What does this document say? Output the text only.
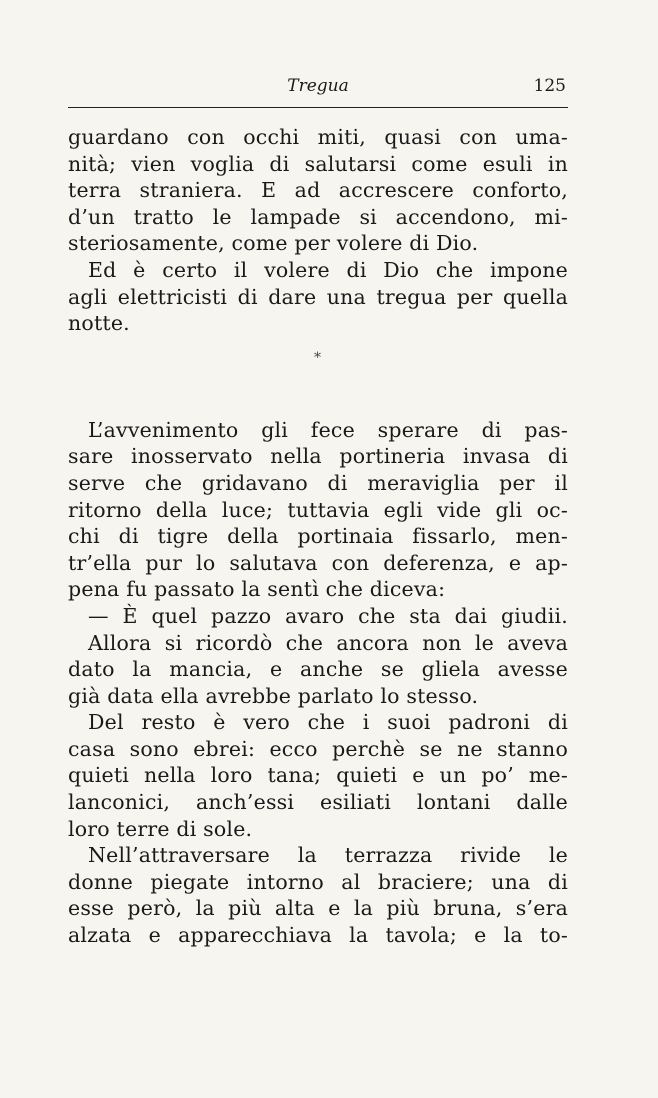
Tregua	125
guardano con occhi miti, quasi con uma-
nità; vien voglia di salutarsi come esuli in
terra straniera. E ad accrescere conforto,
d’un tratto le lampade si accendono, mi-
steriosamente, come per volere di Dio.
Ed è certo il volere di Dio che impone
agli elettricisti di dare una tregua per quella
notte.
*
L’avvenimento gli fece sperare di pas-
sare inosservato nella portineria invasa di
serve che gridavano di meraviglia per il
ritorno della luce; tuttavia egli vide gli oc-
chi di tigre della portinaia fissarlo, men-
tr’ella pur lo salutava con deferenza, e ap-
pena fu passato la sentì che diceva:
— È quel pazzo avaro che sta dai giudii.
Allora si ricordò che ancora non le aveva
dato la mancia, e anche se gliela avesse
già data ella avrebbe parlato lo stesso.
Del resto è vero che i suoi padroni di
casa sono ebrei: ecco perchè se ne stanno
quieti nella loro tana; quieti e un po’ me-
lanconici, anch’essi esiliati lontani dalle
loro terre di sole.
Nell’attraversare la terrazza rivide le
donne piegate intorno al braciere; una di
esse però, la più alta e la più bruna, s’era
alzata e apparecchiava la tavola; e la to-
